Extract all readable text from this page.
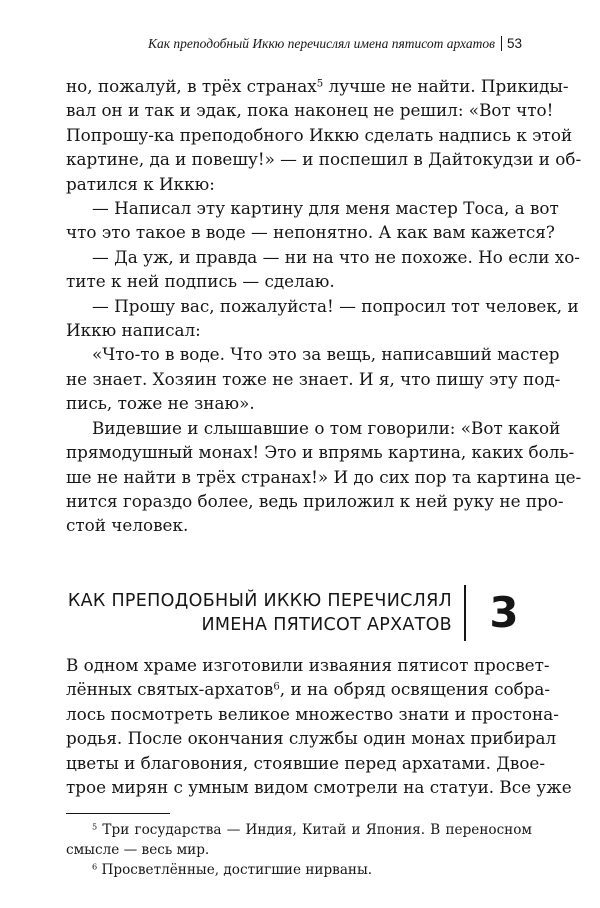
Как преподобный Иккю перечислял имена пятисот архатов 53
но, пожалуй, в трёх странах$^5$ лучше не найти. Прикиды-
вал он и так и эдак, пока наконец не решил: «Вот что!
Попрошу-ка преподобного Иккю сделать надпись к этой
картине, да и повешу!» — и поспешил в Дайтокудзи и об-
ратился к Иккю:
— Написал эту картину для меня мастер Тоса, а вот
что это такое в воде — непонятно. А как вам кажется?
— Да уж, и правда — ни на что не похоже. Но если хо-
тите к ней подпись — сделаю.
— Прошу вас, пожалуйста! — попросил тот человек, и
Иккю написал:
«Что-то в воде. Что это за вещь, написавший мастер
не знает. Хозяин тоже не знает. И я, что пишу эту под-
пись, тоже не знаю».
Видевшие и слышавшие о том говорили: «Вот какой
прямодушный монах! Это и впрямь картина, каких боль-
ше не найти в трёх странах!» И до сих пор та картина це-
нится гораздо более, ведь приложил к ней руку не про-
стой человек.
КАК ПРЕПОДОБНЫЙ ИККЮ ПЕРЕЧИСЛЯЛ
ИМЕНА ПЯТИСОТ АРХАТОВ 3
В одном храме изготовили изваяния пятисот просвет-
лённых святых-архатов$^6$, и на обряд освящения собра-
лось посмотреть великое множество знати и простона-
родья. После окончания службы один монах прибирал
цветы и благовония, стоявшие перед архатами. Двое-
трое мирян с умным видом смотрели на статуи. Все уже
$^5$ Три государства — Индия, Китай и Япония. В переносном
смысле — весь мир.
$^6$ Просветлённые, достигшие нирваны.
